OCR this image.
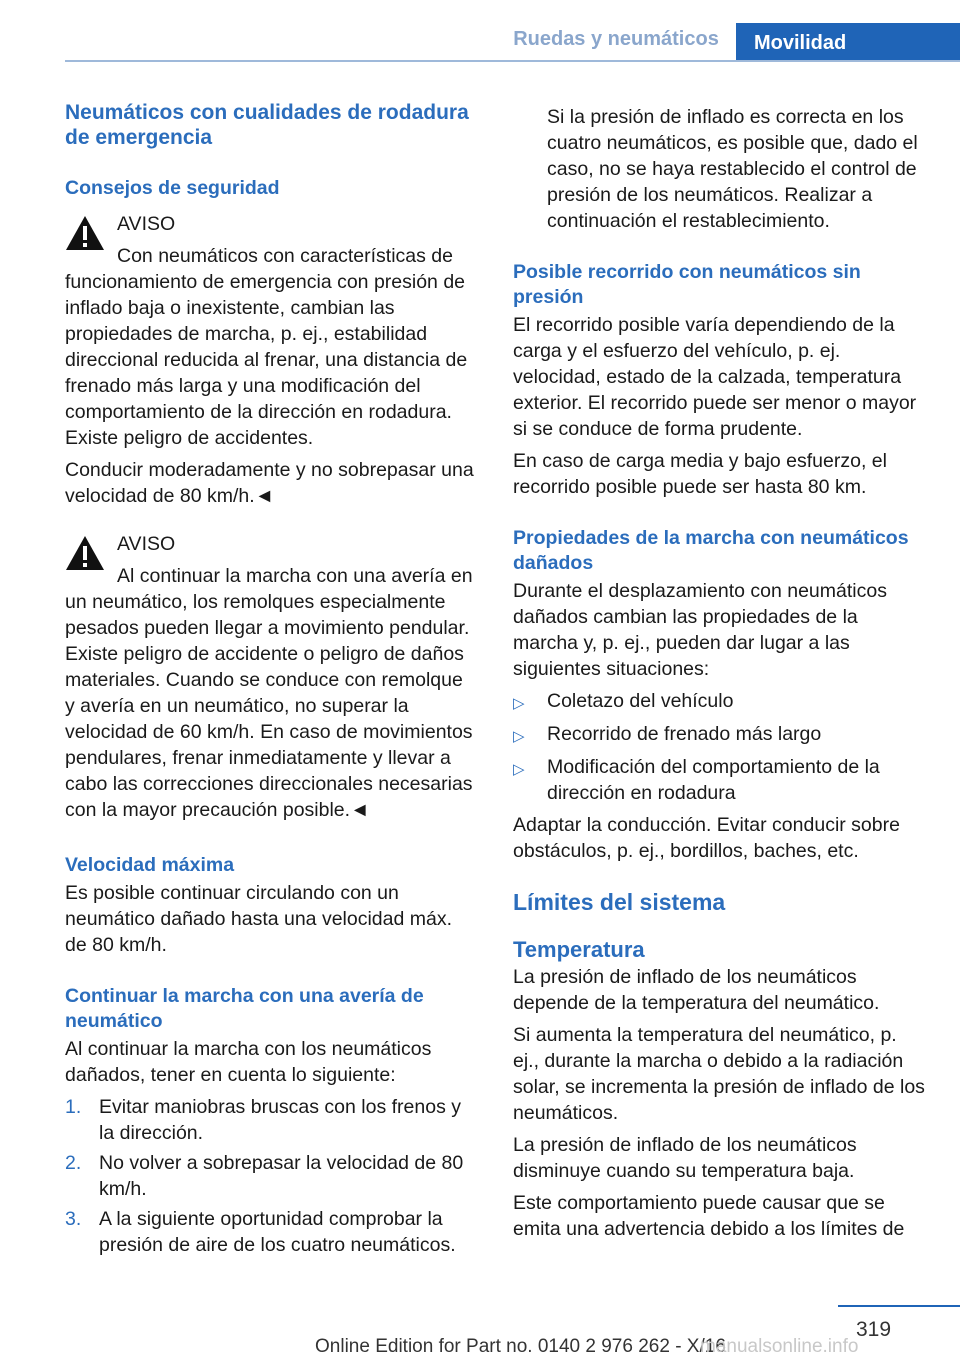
Ruedas y neumáticos	Movilidad
Neumáticos con cualidades de rodadura de emergencia
Consejos de seguridad

AVISO

Con neumáticos con características de

funcionamiento de emergencia con presión de inflado baja o inexistente, cambian las propiedades de marcha, p. ej., estabilidad direccional reducida al frenar, una distancia de frenado más larga y una modificación del comportamiento de la dirección en rodadura. Existe peligro de accidentes.

Conducir moderadamente y no sobrepasar una velocidad de 80 km/h.◄

AVISO

Al continuar la marcha con una avería en

un neumático, los remolques especialmente pesados pueden llegar a movimiento pendular. Existe peligro de accidente o peligro de daños materiales. Cuando se conduce con remolque y avería en un neumático, no superar la velocidad de 60 km/h. En caso de movimientos pendulares, frenar inmediatamente y llevar a cabo las correcciones direccionales necesarias con la mayor precaución posible.◄

Velocidad máxima

Es posible continuar circulando con un neumático dañado hasta una velocidad máx. de 80 km/h.

Continuar la marcha con una avería de neumático

Al continuar la marcha con los neumáticos dañados, tener en cuenta lo siguiente:

1. Evitar maniobras bruscas con los frenos y la dirección.
2. No volver a sobrepasar la velocidad de 80 km/h.
3. A la siguiente oportunidad comprobar la presión de aire de los cuatro neumáticos.

Si la presión de inflado es correcta en los cuatro neumáticos, es posible que, dado el caso, no se haya restablecido el control de presión de los neumáticos. Realizar a continuación el restablecimiento.

Posible recorrido con neumáticos sin presión

El recorrido posible varía dependiendo de la carga y el esfuerzo del vehículo, p. ej. velocidad, estado de la calzada, temperatura exterior. El recorrido puede ser menor o mayor si se conduce de forma prudente.

En caso de carga media y bajo esfuerzo, el recorrido posible puede ser hasta 80 km.

Propiedades de la marcha con neumáticos dañados

Durante el desplazamiento con neumáticos dañados cambian las propiedades de la marcha y, p. ej., pueden dar lugar a las siguientes situaciones:

▷ Coletazo del vehículo
▷ Recorrido de frenado más largo
▷ Modificación del comportamiento de la dirección en rodadura

Adaptar la conducción. Evitar conducir sobre obstáculos, p. ej., bordillos, baches, etc.

Límites del sistema
Temperatura

La presión de inflado de los neumáticos depende de la temperatura del neumático.

Si aumenta la temperatura del neumático, p. ej., durante la marcha o debido a la radiación solar, se incrementa la presión de inflado de los neumáticos.

La presión de inflado de los neumáticos disminuye cuando su temperatura baja.

Este comportamiento puede causar que se emita una advertencia debido a los límites de

319
Online Edition for Part no. 0140 2 976 262 - X/16
manualsonline.info
